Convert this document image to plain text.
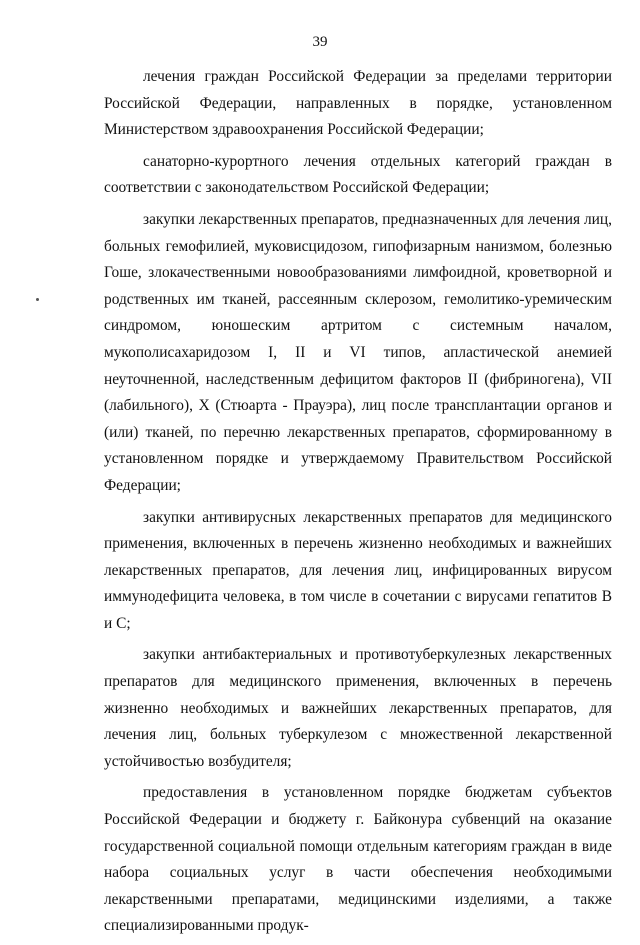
39

лечения граждан Российской Федерации за пределами территории Российской Федерации, направленных в порядке, установленном Министерством здравоохранения Российской Федерации;

санаторно-курортного лечения отдельных категорий граждан в соответствии с законодательством Российской Федерации;

закупки лекарственных препаратов, предназначенных для лечения лиц, больных гемофилией, муковисцидозом, гипофизарным нанизмом, болезнью Гоше, злокачественными новообразованиями лимфоидной, кроветворной и родственных им тканей, рассеянным склерозом, гемолитико-уремическим синдромом, юношеским артритом с системным началом, мукополисахаридозом I, II и VI типов, апластической анемией неуточненной, наследственным дефицитом факторов II (фибриногена), VII (лабильного), X (Стюарта - Прауэра), лиц после трансплантации органов и (или) тканей, по перечню лекарственных препаратов, сформированному в установленном порядке и утверждаемому Правительством Российской Федерации;

закупки антивирусных лекарственных препаратов для медицинского применения, включенных в перечень жизненно необходимых и важнейших лекарственных препаратов, для лечения лиц, инфицированных вирусом иммунодефицита человека, в том числе в сочетании с вирусами гепатитов B и C;

закупки антибактериальных и противотуберкулезных лекарственных препаратов для медицинского применения, включенных в перечень жизненно необходимых и важнейших лекарственных препаратов, для лечения лиц, больных туберкулезом с множественной лекарственной устойчивостью возбудителя;

предоставления в установленном порядке бюджетам субъектов Российской Федерации и бюджету г. Байконура субвенций на оказание государственной социальной помощи отдельным категориям граждан в виде набора социальных услуг в части обеспечения необходимыми лекарственными препаратами, медицинскими изделиями, а также специализированными продук-
